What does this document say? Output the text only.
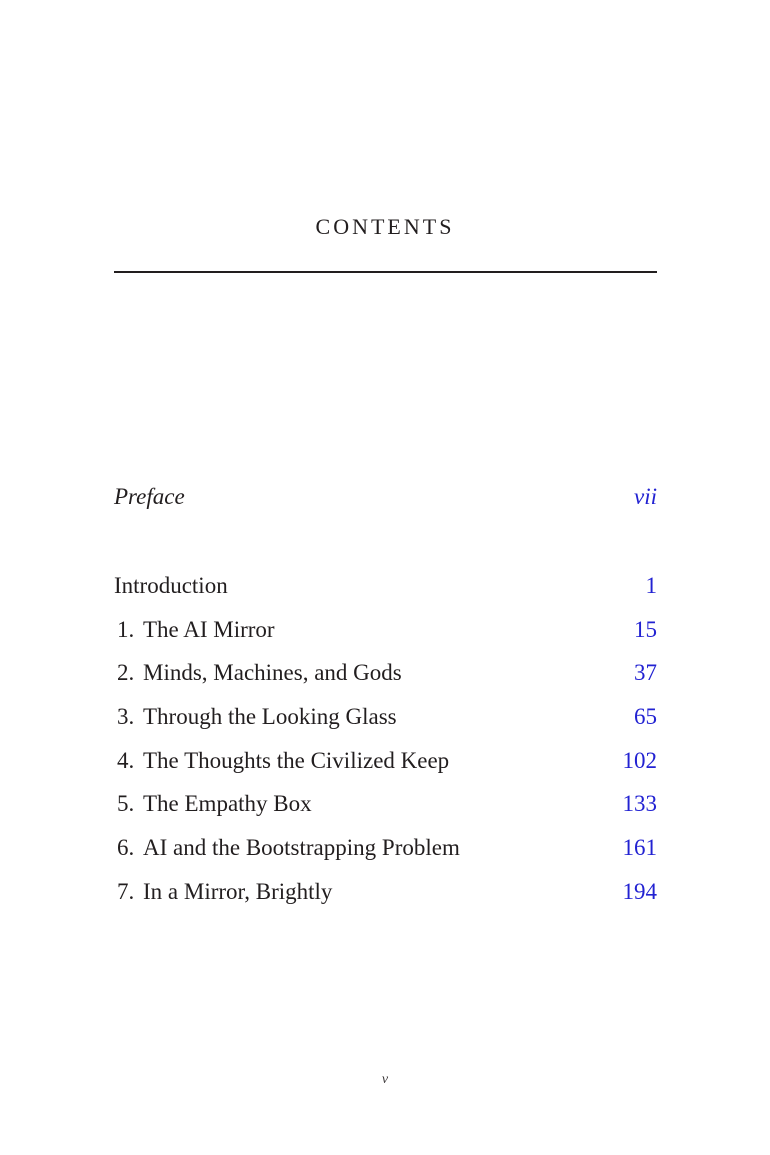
CONTENTS
Preface	vii
Introduction	1
1. The AI Mirror	15
2. Minds, Machines, and Gods	37
3. Through the Looking Glass	65
4. The Thoughts the Civilized Keep	102
5. The Empathy Box	133
6. AI and the Bootstrapping Problem	161
7. In a Mirror, Brightly	194
v
